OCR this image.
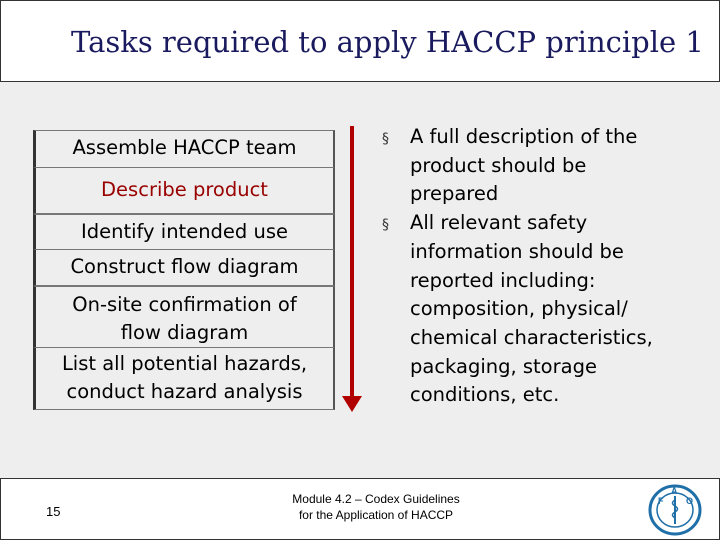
Tasks required to apply HACCP principle 1
Assemble HACCP team
Describe product
Identify intended use
Construct flow diagram
On-site confirmation of flow diagram
List all potential hazards, conduct hazard analysis
§ A full description of the
product should be
prepared
§ All relevant safety
information should be
reported including:
composition, physical/
chemical characteristics,
packaging, storage
conditions, etc.
15
Module 4.2 – Codex Guidelines
for the Application of HACCP
F
A
O
